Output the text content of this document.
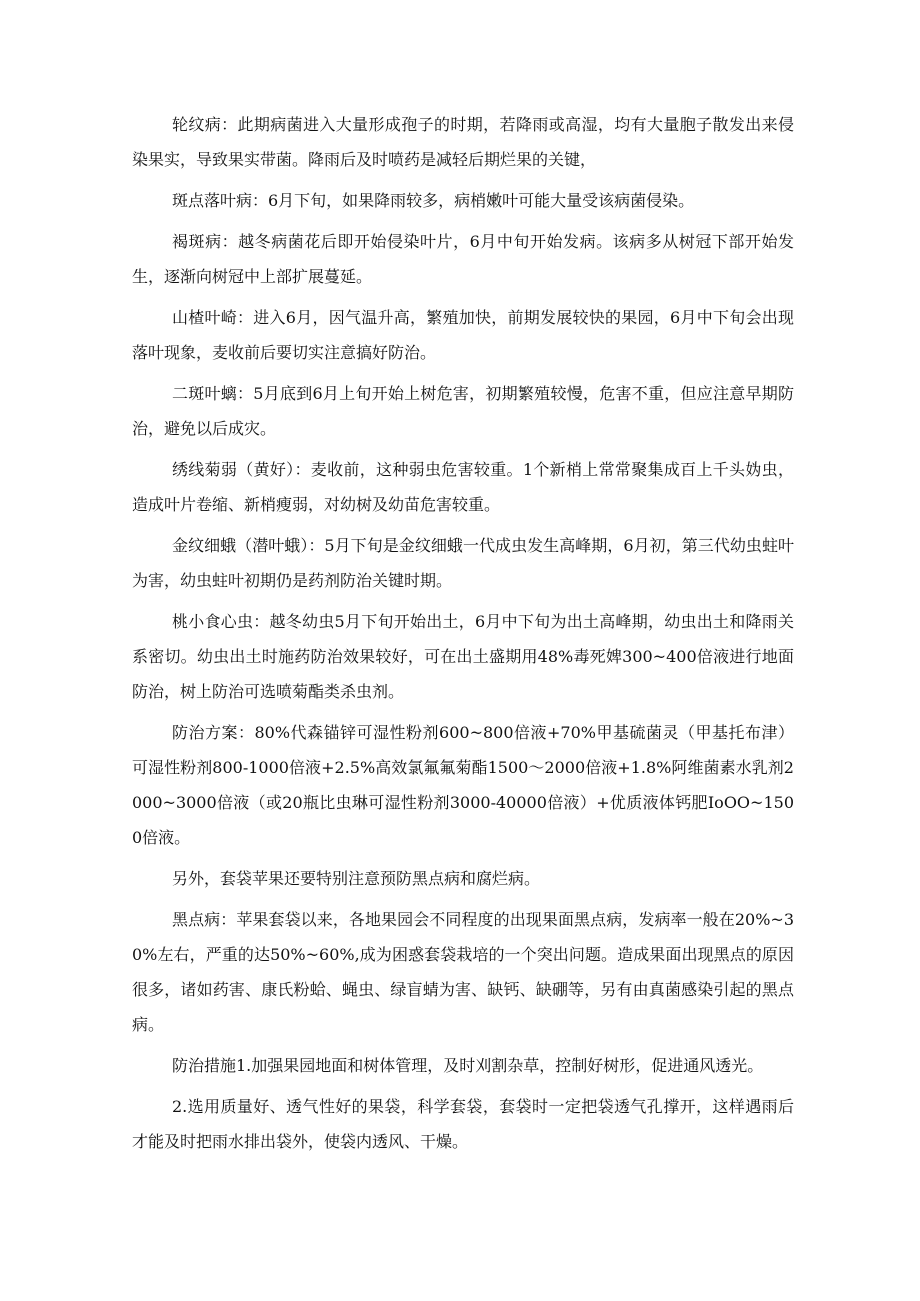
轮纹病：此期病菌进入大量形成孢子的时期，若降雨或高湿，均有大量胞子散发出来侵染果实，导致果实带菌。降雨后及时喷药是减轻后期烂果的关键，

斑点落叶病：6月下旬，如果降雨较多，病梢嫩叶可能大量受该病菌侵染。

褐斑病：越冬病菌花后即开始侵染叶片，6月中旬开始发病。该病多从树冠下部开始发生，逐渐向树冠中上部扩展蔓延。

山楂叶崎：进入6月，因气温升高，繁殖加快，前期发展较快的果园，6月中下旬会出现落叶现象，麦收前后要切实注意搞好防治。

二斑叶螭：5月底到6月上旬开始上树危害，初期繁殖较慢，危害不重，但应注意早期防治，避免以后成灾。

绣线菊弱（黄好）：麦收前，这种弱虫危害较重。1个新梢上常常聚集成百上千头妫虫，造成叶片卷缩、新梢瘦弱，对幼树及幼苗危害较重。

金纹细蛾（潜叶蛾）：5月下旬是金纹细蛾一代成虫发生高峰期，6月初，第三代幼虫蛀叶为害，幼虫蛀叶初期仍是药剂防治关键时期。

桃小食心虫：越冬幼虫5月下旬开始出土，6月中下旬为出土高峰期，幼虫出土和降雨关系密切。幼虫出土时施药防治效果较好，可在出土盛期用48%毒死婢300~400倍液进行地面防治，树上防治可选喷菊酯类杀虫剂。

防治方案：80%代森锚锌可湿性粉剂600~800倍液+70%甲基硫菌灵（甲基托布津）可湿性粉剂800-1000倍液+2.5%高效氯氟氟菊酯1500～2000倍液+1.8%阿维菌素水乳剂2000~3000倍液（或20瓶比虫琳可湿性粉剂3000-40000倍液）+优质液体钙肥IoOO~1500倍液。

另外，套袋苹果还要特别注意预防黑点病和腐烂病。

黑点病：苹果套袋以来，各地果园会不同程度的出现果面黑点病，发病率一般在20%~30%左右，严重的达50%~60%,成为困惑套袋栽培的一个突出问题。造成果面出现黑点的原因很多，诸如药害、康氏粉蛤、蝇虫、绿盲蜻为害、缺钙、缺硼等，另有由真菌感染引起的黑点病。

防治措施1.加强果园地面和树体管理，及时刈割杂草，控制好树形，促进通风透光。

2.选用质量好、透气性好的果袋，科学套袋，套袋时一定把袋透气孔撑开，这样遇雨后才能及时把雨水排出袋外，使袋内透风、干燥。
